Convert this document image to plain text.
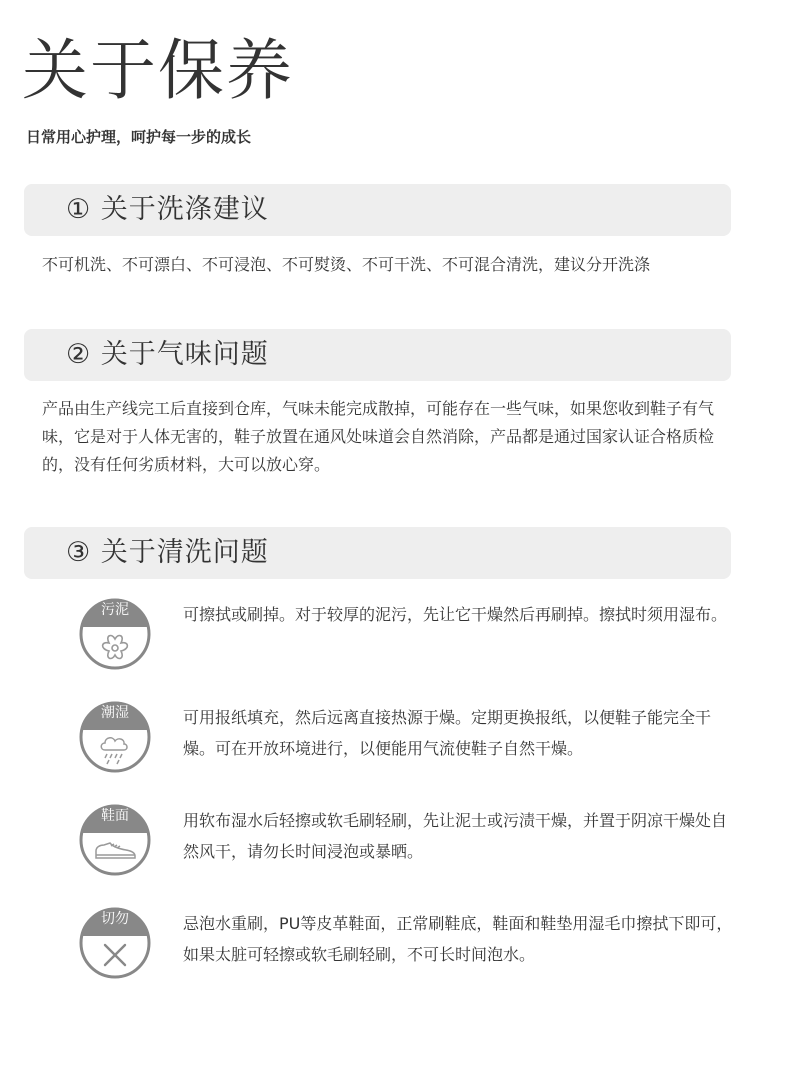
关于保养
日常用心护理，呵护每一步的成长
① 关于洗涤建议
不可机洗、不可漂白、不可浸泡、不可熨烫、不可干洗、不可混合清洗，建议分开洗涤
② 关于气味问题
产品由生产线完工后直接到仓库，气味未能完成散掉，可能存在一些气味，如果您收到鞋子有气味，它是对于人体无害的，鞋子放置在通风处味道会自然消除，产品都是通过国家认证合格质检的，没有任何劣质材料，大可以放心穿。
③ 关于清洗问题
污泥	可擦拭或刷掉。对于较厚的泥污，先让它干燥然后再刷掉。擦拭时须用湿布。
潮湿	可用报纸填充，然后远离直接热源于燥。定期更换报纸，以便鞋子能完全干燥。可在开放环境进行，以便能用气流使鞋子自然干燥。
鞋面	用软布湿水后轻擦或软毛刷轻刷，先让泥士或污渍干燥，并置于阴凉干燥处自然风干，请勿长时间浸泡或暴晒。
切勿	忌泡水重刷，PU等皮革鞋面，正常刷鞋底，鞋面和鞋垫用湿毛巾擦拭下即可，如果太脏可轻擦或软毛刷轻刷，不可长时间泡水。
